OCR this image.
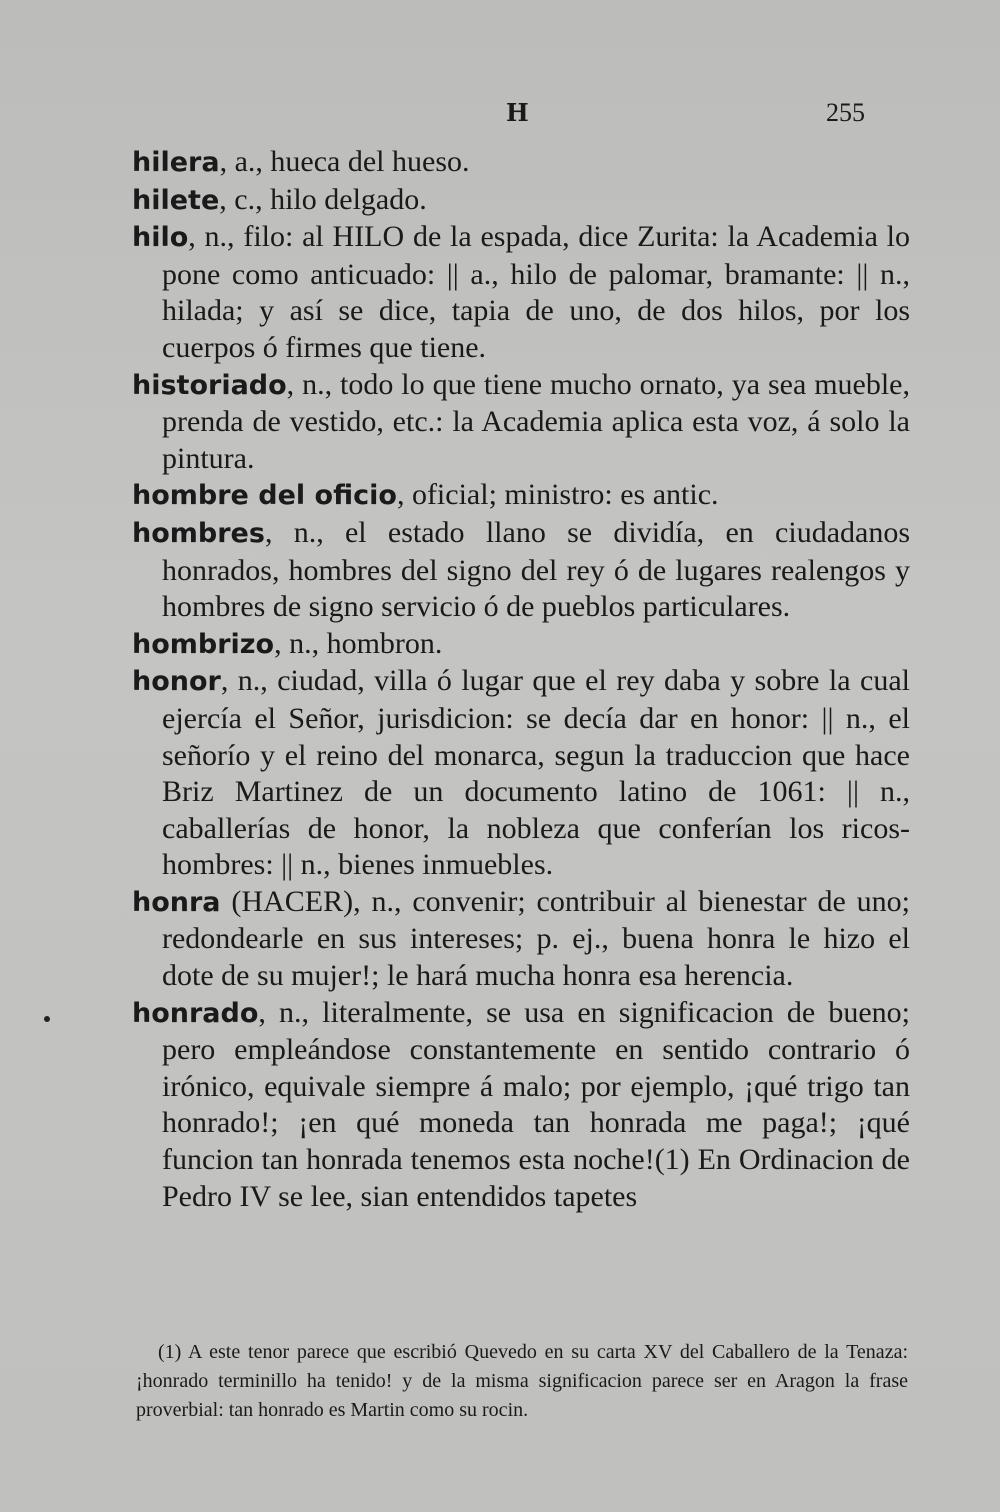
H	255

hilera, a., hueca del hueso.

hilete, c., hilo delgado.

hilo, n., filo: al HILO de la espada, dice Zurita: la Academia lo pone como anticuado: || a., hilo de palomar, bramante: || n., hilada; y así se dice, tapia de uno, de dos hilos, por los cuerpos ó firmes que tiene.

historiado, n., todo lo que tiene mucho ornato, ya sea mueble, prenda de vestido, etc.: la Academia aplica esta voz, á solo la pintura.

hombre del oficio, oficial; ministro: es antic.

hombres, n., el estado llano se dividía, en ciudadanos honrados, hombres del signo del rey ó de lugares realengos y hombres de signo servicio ó de pueblos particulares.

hombrizo, n., hombron.

honor, n., ciudad, villa ó lugar que el rey daba y sobre la cual ejercía el Señor, jurisdicion: se decía dar en honor: || n., el señorío y el reino del monarca, segun la traduccion que hace Briz Martinez de un documento latino de 1061: || n., caballerías de honor, la nobleza que conferían los ricos-hombres: || n., bienes inmuebles.

honra (HACER), n., convenir; contribuir al bienestar de uno; redondearle en sus intereses; p. ej., buena honra le hizo el dote de su mujer!; le hará mucha honra esa herencia.

honrado, n., literalmente, se usa en significacion de bueno; pero empleándose constantemente en sentido contrario ó irónico, equivale siempre á malo; por ejemplo, ¡qué trigo tan honrado!; ¡en qué moneda tan honrada me paga!; ¡qué funcion tan honrada tenemos esta noche!(1) En Ordinacion de Pedro IV se lee, sian entendidos tapetes

(1) A este tenor parece que escribió Quevedo en su carta XV del Caballero de la Tenaza: ¡honrado terminillo ha tenido! y de la misma significacion parece ser en Aragon la frase proverbial: tan honrado es Martin como su rocin.
